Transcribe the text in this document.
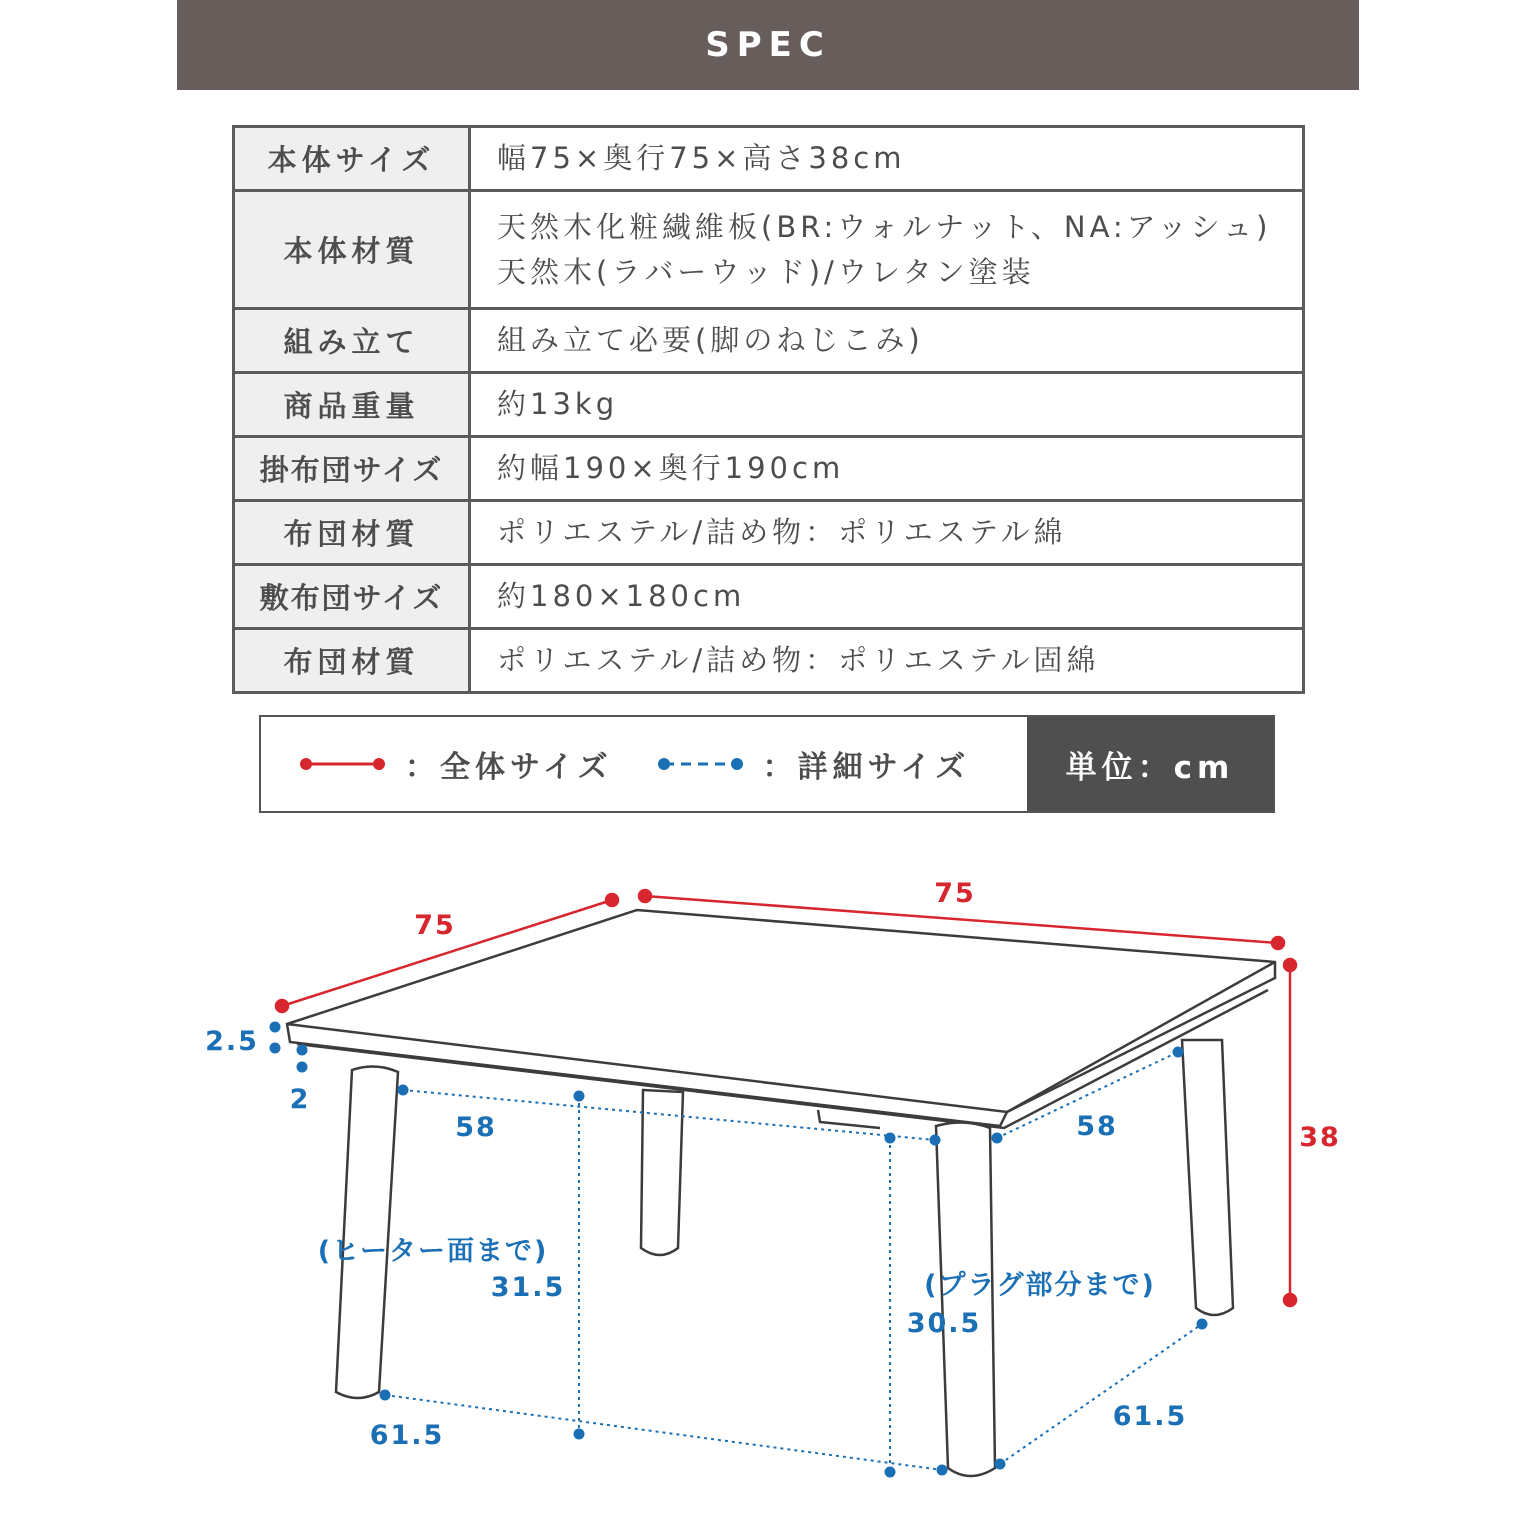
SPEC
本体サイズ	幅75×奥行75×高さ38cm

本体材質	天然木化粧繊維板(BR:ウォルナット、NA:アッシュ)
天然木(ラバーウッド)/ウレタン塗装

組み立て	組み立て必要(脚のねじこみ)

商品重量	約13kg

掛布団サイズ	約幅190×奥行190cm

布団材質	ポリエステル/詰め物：ポリエステル綿

敷布団サイズ	約180×180cm

布団材質	ポリエステル/詰め物：ポリエステル固綿
：全体サイズ	：詳細サイズ	単位：cm
75
75
38
2.5
2
58	58
(ヒーター面まで)
31.5	(プラグ部分まで)
30.5
61.5
61.5
